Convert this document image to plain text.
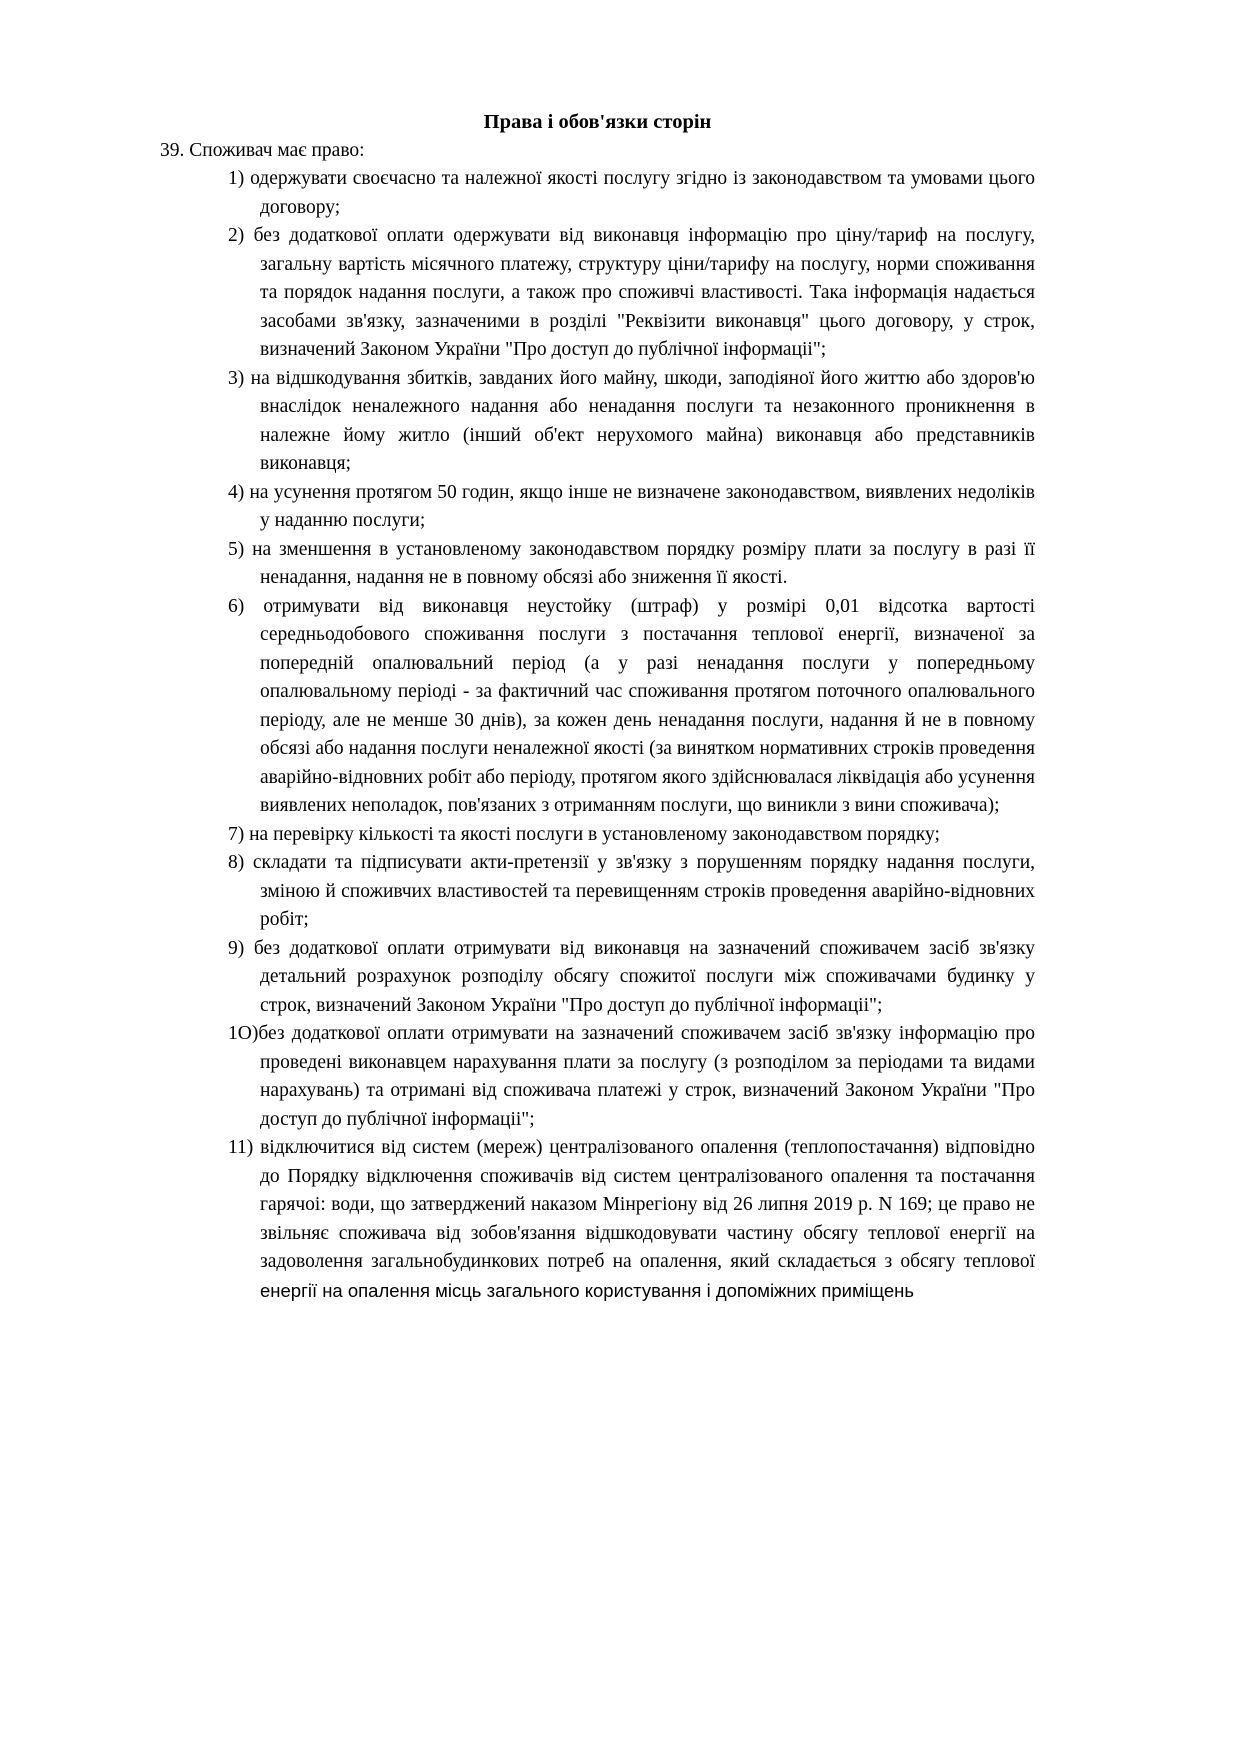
Права і обов'язки сторін

39. Споживач має право:

1) одержувати своєчасно та належної якості послугу згідно із законодавством та умовами цього договору;
2) без додаткової оплати одержувати від виконавця інформацію про ціну/тариф на послугу, загальну вартість місячного платежу, структуру ціни/тарифу на послугу, норми споживання та порядок надання послуги, а також про споживчі властивості. Така інформація надається засобами зв'язку, зазначеними в розділі "Реквізити виконавця" цього договору, у строк, визначений Законом України "Про доступ до публічної інформаціі";
3) на відшкодування збитків, завданих його майну, шкоди, заподіяної його життю або здоров'ю внаслідок неналежного надання або ненадання послуги та незаконного проникнення в належне йому житло (інший об'ект нерухомого майна) виконавця або представників виконавця;
4) на усунення протягом 50 годин, якщо інше не визначене законодавством, виявлених недоліків у наданню послуги;
5) на зменшення в установленому законодавством порядку розміру плати за послугу в разі її ненадання, надання не в повному обсязі або зниження її якості.
6) отримувати від виконавця неустойку (штраф) у розмірі 0,01 відсотка вартості середньодобового споживання послуги з постачання теплової енергії, визначеної за попередній опалювальний період (а у разі ненадання послуги у попередньому опалювальному періоді - за фактичний час споживання протягом поточного опалювального періоду, але не менше 30 днів), за кожен день ненадання послуги, надання й не в повному обсязі або надання послуги неналежної якості (за винятком нормативних строків проведення аварійно-відновних робіт або періоду, протягом якого здійснювалася ліквідація або усунення виявлених неполадок, пов'язаних з отриманням послуги, що виникли з вини споживача);
7) на перевірку кількості та якості послуги в установленому законодавством порядку;
8) складати та підписувати акти-претензії у зв'язку з порушенням порядку надання послуги, зміною й споживчих властивостей та перевищенням строків проведення аварійно-відновних робіт;
9) без додаткової оплати отримувати від виконавця на зазначений споживачем засіб зв'язку детальний розрахунок розподілу обсягу спожитої послуги між споживачами будинку у строк, визначений Законом України "Про доступ до публічної інформаціі";
1О)без додаткової оплати отримувати на зазначений споживачем засіб зв'язку інформацію про проведені виконавцем нарахування плати за послугу (з розподілом за періодами та видами нарахувань) та отримані від споживача платежі у строк, визначений Законом України "Про доступ до публічної інформаціі";
11) відключитися від систем (мереж) централізованого опалення (теплопостачання) відповідно до Порядку відключення споживачів від систем централізованого опалення та постачання гарячоі: води, що затверджений наказом Мінрегіону від 26 липня 2019 р. N 169; це право не звільняє споживача від зобов'язання відшкодовувати частину обсягу теплової енергії на задоволення загальнобудинкових потреб на опалення, який складається з обсягу теплової енергії на опалення місць загального користування і допоміжних приміщень
